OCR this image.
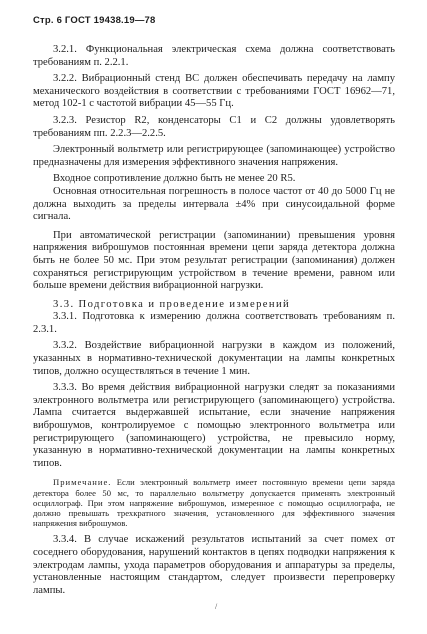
Стр. 6 ГОСТ 19438.19—78

3.2.1. Функциональная электрическая схема должна соответствовать требованиям п. 2.2.1.

3.2.2. Вибрационный стенд ВС должен обеспечивать передачу на лампу механического воздействия в соответствии с требованиями ГОСТ 16962—71, метод 102-1 с частотой вибрации 45—55 Гц.

3.2.3. Резистор R2, конденсаторы C1 и C2 должны удовлетворять требованиям пп. 2.2.3—2.2.5.

Электронный вольтметр или регистрирующее (запоминающее) устройство предназначены для измерения эффективного значения напряжения.

Входное сопротивление должно быть не менее 20 R5.

Основная относительная погрешность в полосе частот от 40 до 5000 Гц не должна выходить за пределы интервала ±4% при синусоидальной форме сигнала.

При автоматической регистрации (запоминании) превышения уровня напряжения виброшумов постоянная времени цепи заряда детектора должна быть не более 50 мс. При этом результат регистрации (запоминания) должен сохраняться регистрирующим устройством в течение времени, равном или больше времени действия вибрационной нагрузки.

3.3. Подготовка и проведение измерений

3.3.1. Подготовка к измерению должна соответствовать требованиям п. 2.3.1.

3.3.2. Воздействие вибрационной нагрузки в каждом из положений, указанных в нормативно-технической документации на лампы конкретных типов, должно осуществляться в течение 1 мин.

3.3.3. Во время действия вибрационной нагрузки следят за показаниями электронного вольтметра или регистрирующего (запоминающего) устройства. Лампа считается выдержавшей испытание, если значение напряжения виброшумов, контролируемое с помощью электронного вольтметра или регистрирующего (запоминающего) устройства, не превысило норму, указанную в нормативно-технической документации на лампы конкретных типов.

Примечание. Если электронный вольтметр имеет постоянную времени цепи заряда детектора более 50 мс, то параллельно вольтметру допускается применять электронный осциллограф. При этом напряжение виброшумов, измеренное с помощью осциллографа, не должно превышать трехкратного значения, установленного для эффективного значения напряжения виброшумов.

3.3.4. В случае искажений результатов испытаний за счет помех от соседнего оборудования, нарушений контактов в цепях подводки напряжения к электродам лампы, ухода параметров оборудования и аппаратуры за пределы, установленные настоящим стандартом, следует произвести перепроверку лампы.

/
